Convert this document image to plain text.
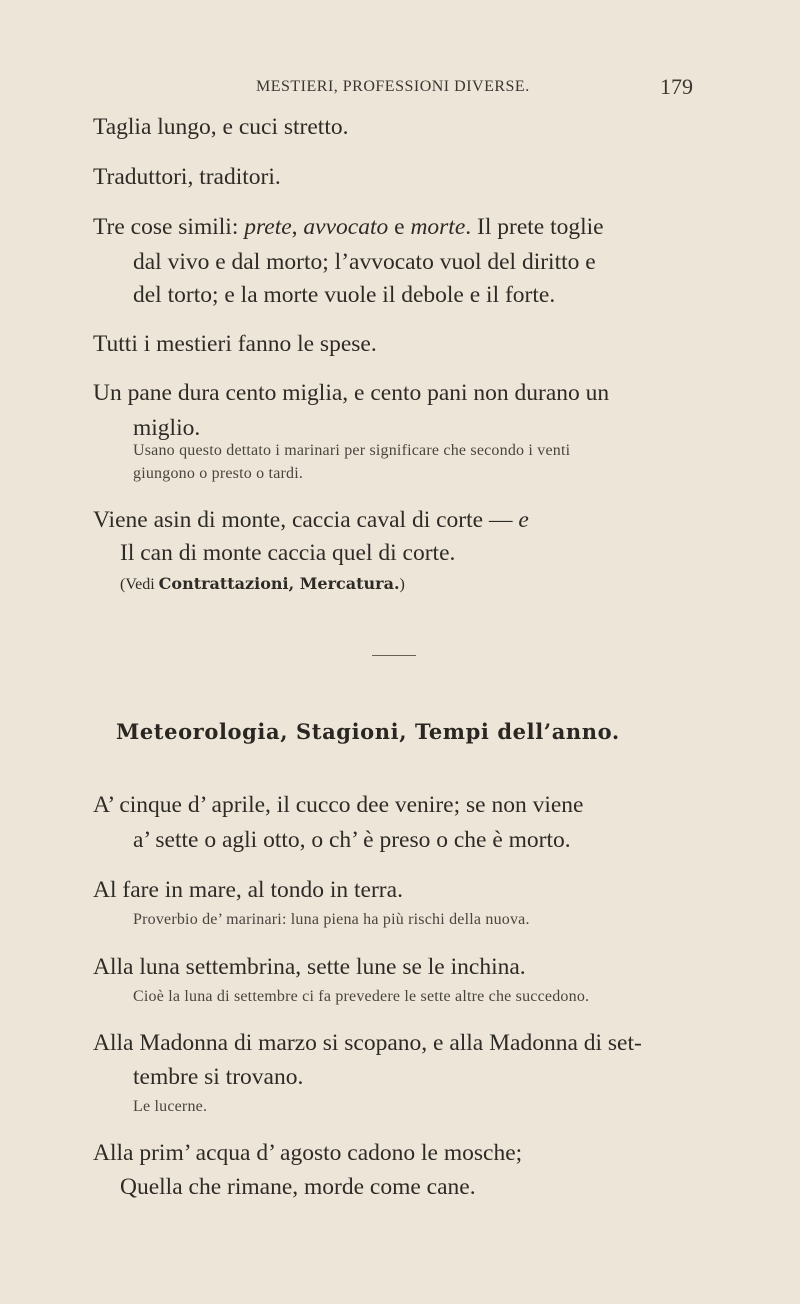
MESTIERI, PROFESSIONI DIVERSE.	179
Taglia lungo, e cuci stretto.
Traduttori, traditori.
Tre cose simili: prete, avvocato e morte. Il prete toglie
dal vivo e dal morto; l’avvocato vuol del diritto e
del torto; e la morte vuole il debole e il forte.
Tutti i mestieri fanno le spese.
Un pane dura cento miglia, e cento pani non durano un
miglio.
Usano questo dettato i marinari per significare che secondo i venti
giungono o presto o tardi.
Viene asin di monte, caccia caval di corte — e
Il can di monte caccia quel di corte.
(Vedi Contrattazioni, Mercatura.)
Meteorologia, Stagioni, Tempi dell’anno.
A’ cinque d’ aprile, il cucco dee venire; se non viene
a’ sette o agli otto, o ch’ è preso o che è morto.
Al fare in mare, al tondo in terra.
Proverbio de’ marinari: luna piena ha più rischi della nuova.
Alla luna settembrina, sette lune se le inchina.
Cioè la luna di settembre ci fa prevedere le sette altre che succedono.
Alla Madonna di marzo si scopano, e alla Madonna di set-
tembre si trovano.
Le lucerne.
Alla prim’ acqua d’ agosto cadono le mosche;
Quella che rimane, morde come cane.
